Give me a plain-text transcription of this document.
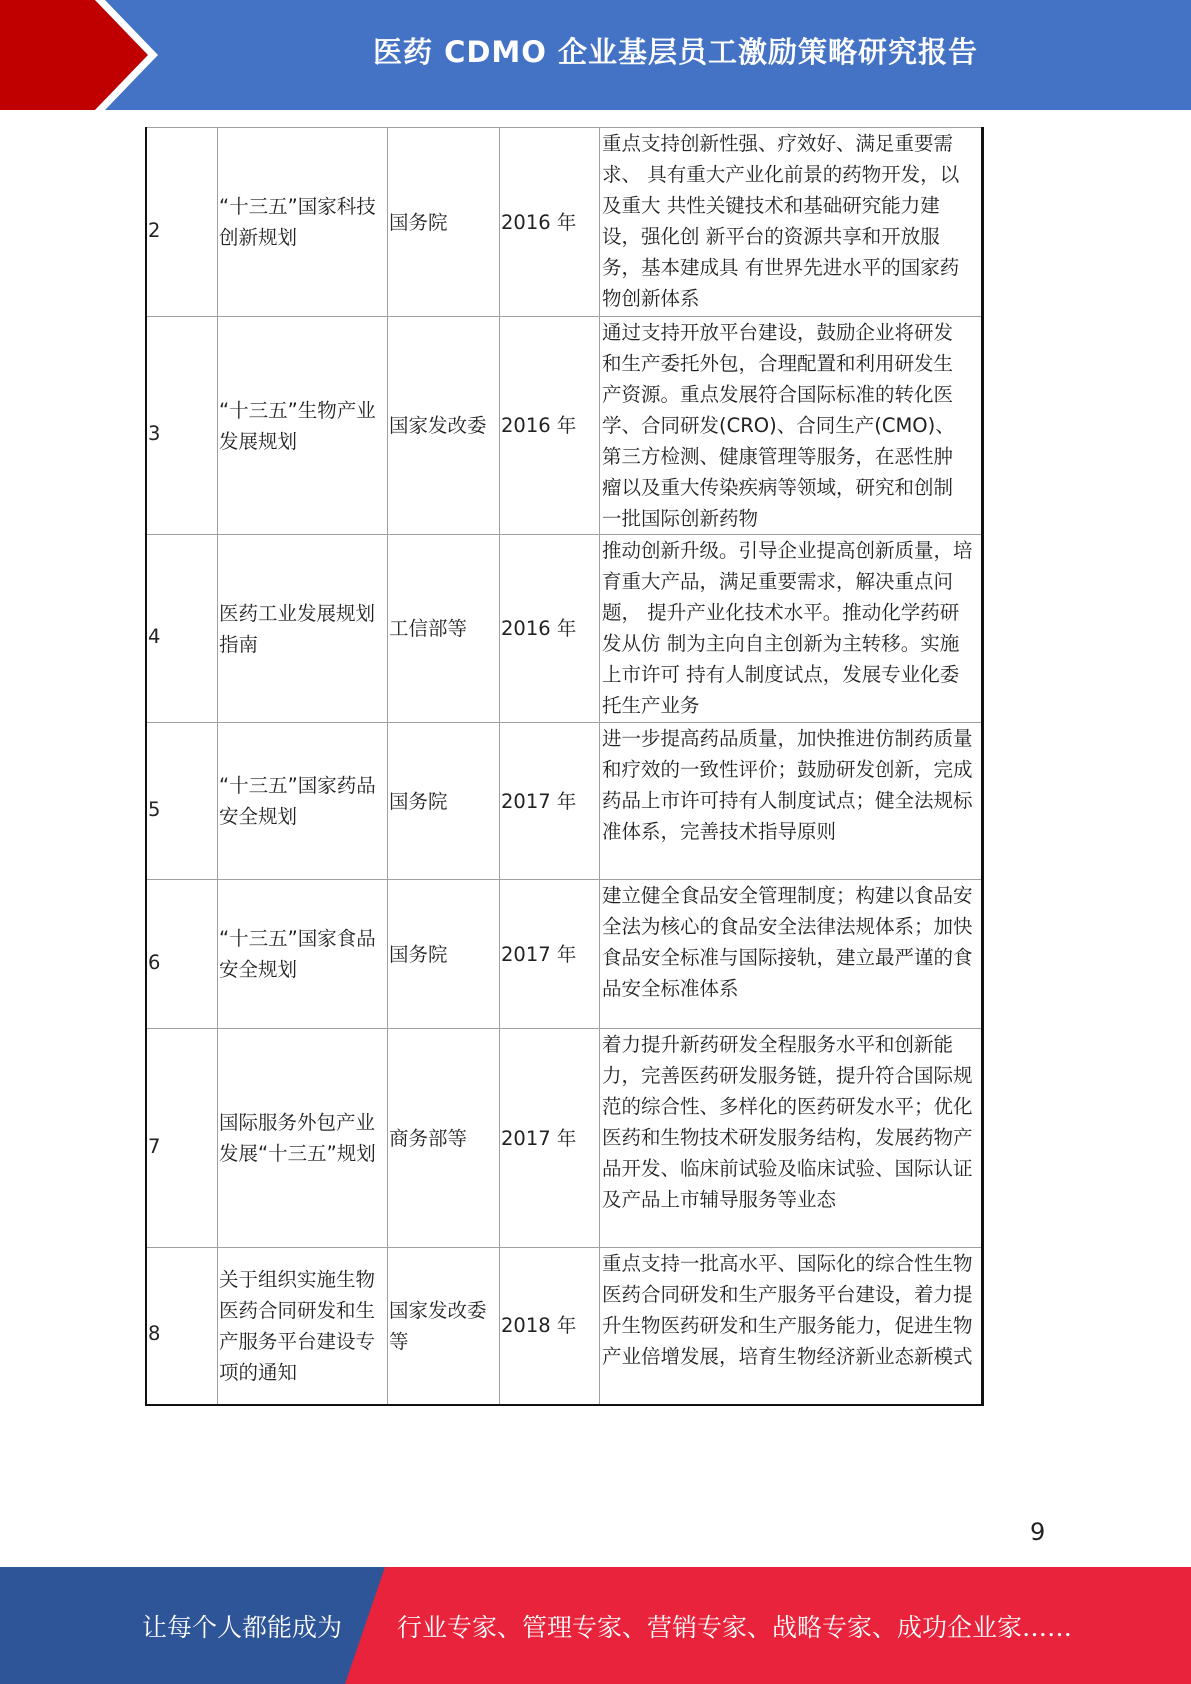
医药 CDMO 企业基层员工激励策略研究报告
2	“十三五”国家科技创新规划	国务院	2016 年	重点支持创新性强、疗效好、满足重要需求、 具有重大产业化前景的药物开发，以及重大 共性关键技术和基础研究能力建设，强化创 新平台的资源共享和开放服务，基本建成具 有世界先进水平的国家药物创新体系
3	“十三五”生物产业发展规划	国家发改委	2016 年	通过支持开放平台建设，鼓励企业将研发 和生产委托外包，合理配置和利用研发生 产资源。重点发展符合国际标准的转化医 学、合同研发(CRO)、合同生产(CMO)、 第三方检测、健康管理等服务，在恶性肿 瘤以及重大传染疾病等领域，研究和创制 一批国际创新药物
4	医药工业发展规划指南	工信部等	2016 年	推动创新升级。引导企业提高创新质量，培 育重大产品，满足重要需求，解决重点问题， 提升产业化技术水平。推动化学药研发从仿 制为主向自主创新为主转移。实施上市许可 持有人制度试点，发展专业化委托生产业务
5	“十三五”国家药品安全规划	国务院	2017 年	进一步提高药品质量，加快推进仿制药质量 和疗效的一致性评价；鼓励研发创新，完成 药品上市许可持有人制度试点；健全法规标 准体系，完善技术指导原则
6	“十三五”国家食品安全规划	国务院	2017 年	建立健全食品安全管理制度；构建以食品安 全法为核心的食品安全法律法规体系；加快 食品安全标准与国际接轨，建立最严谨的食 品安全标准体系
7	国际服务外包产业发展“十三五”规划	商务部等	2017 年	着力提升新药研发全程服务水平和创新能 力，完善医药研发服务链，提升符合国际规 范的综合性、多样化的医药研发水平；优化 医药和生物技术研发服务结构，发展药物产 品开发、临床前试验及临床试验、国际认证 及产品上市辅导服务等业态
8	关于组织实施生物医药合同研发和生产服务平台建设专项的通知	国家发改委等	2018 年	重点支持一批高水平、国际化的综合性生物 医药合同研发和生产服务平台建设，着力提 升生物医药研发和生产服务能力，促进生物 产业倍增发展，培育生物经济新业态新模式
9
让每个人都能成为 行业专家、管理专家、营销专家、战略专家、成功企业家……
